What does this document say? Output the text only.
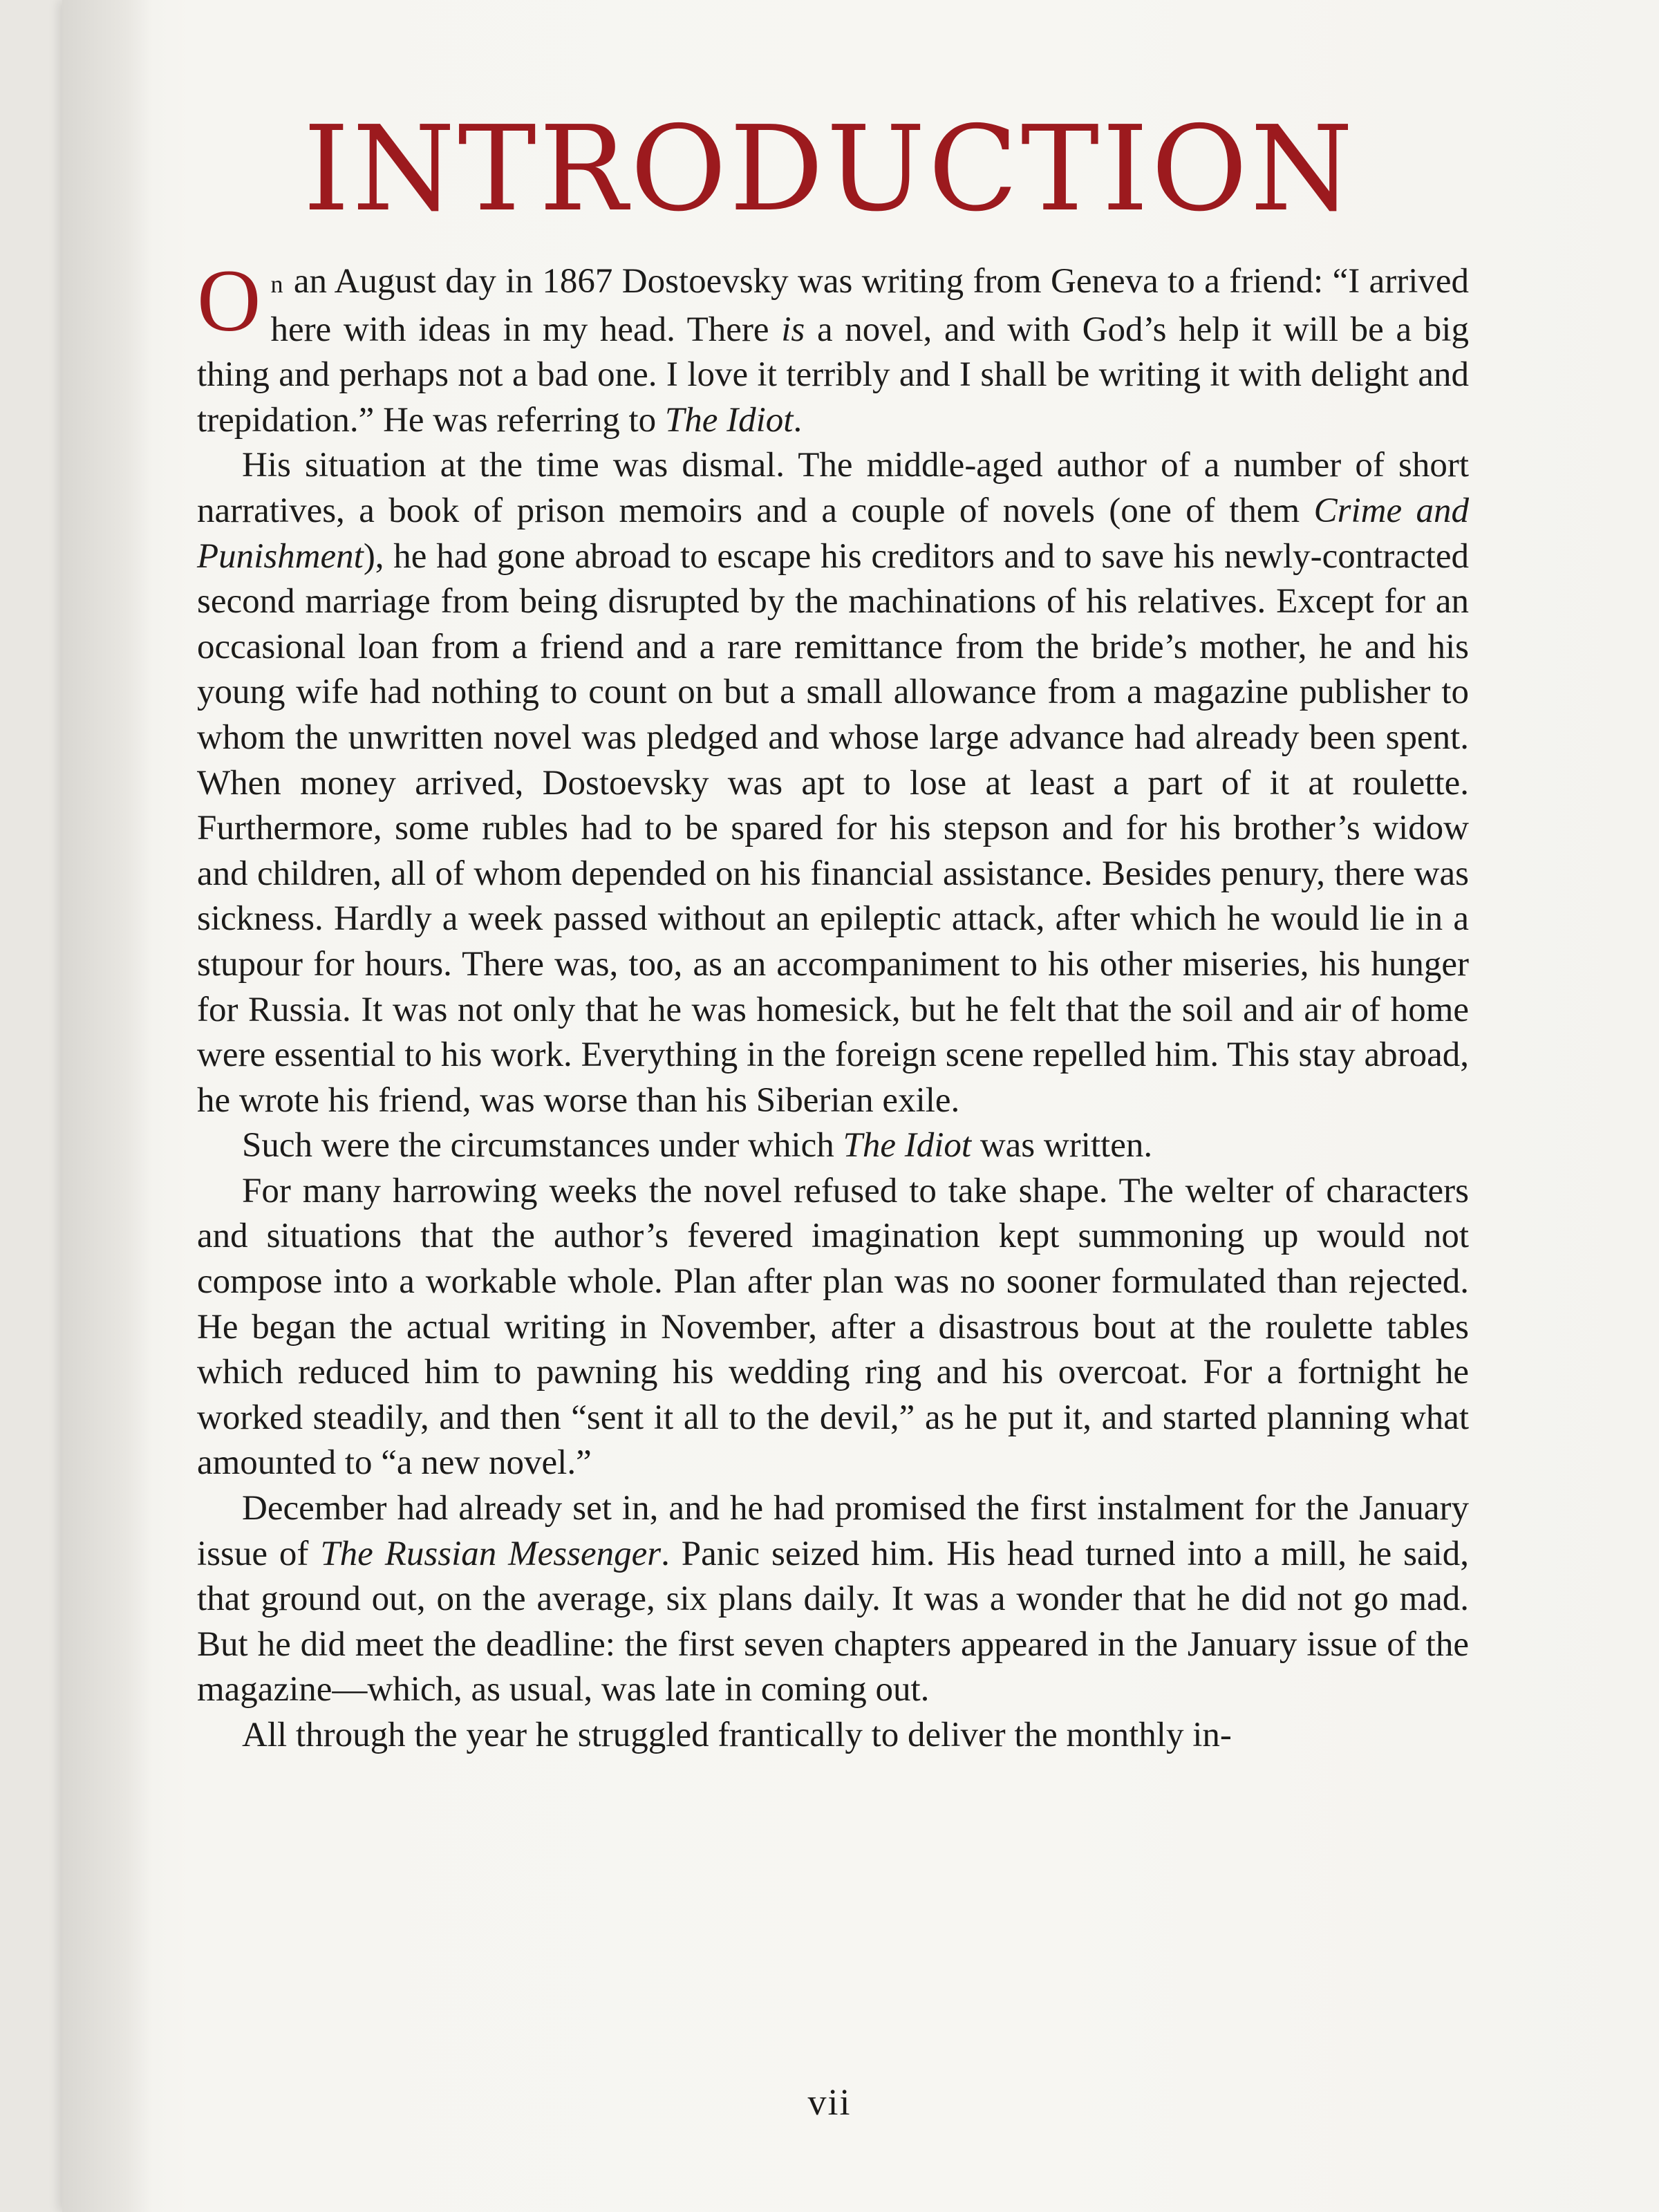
INTRODUCTION

On an August day in 1867 Dostoevsky was writing from Geneva to a friend: “I arrived here with ideas in my head. There is a novel, and with God’s help it will be a big thing and perhaps not a bad one. I love it terribly and I shall be writing it with delight and trepidation.” He was referring to The Idiot.

His situation at the time was dismal. The middle-aged author of a number of short narratives, a book of prison memoirs and a couple of novels (one of them Crime and Punishment), he had gone abroad to escape his creditors and to save his newly-contracted second marriage from being disrupted by the machinations of his relatives. Except for an occasional loan from a friend and a rare remittance from the bride’s mother, he and his young wife had nothing to count on but a small allowance from a magazine publisher to whom the unwritten novel was pledged and whose large advance had already been spent. When money arrived, Dostoevsky was apt to lose at least a part of it at roulette. Furthermore, some rubles had to be spared for his stepson and for his brother’s widow and children, all of whom depended on his financial assistance. Besides penury, there was sickness. Hardly a week passed without an epileptic attack, after which he would lie in a stupour for hours. There was, too, as an accompaniment to his other miseries, his hunger for Russia. It was not only that he was homesick, but he felt that the soil and air of home were essential to his work. Everything in the foreign scene repelled him. This stay abroad, he wrote his friend, was worse than his Siberian exile.

Such were the circumstances under which The Idiot was written.

For many harrowing weeks the novel refused to take shape. The welter of characters and situations that the author’s fevered imagination kept summoning up would not compose into a workable whole. Plan after plan was no sooner formulated than rejected. He began the actual writing in November, after a disastrous bout at the roulette tables which reduced him to pawning his wedding ring and his overcoat. For a fortnight he worked steadily, and then “sent it all to the devil,” as he put it, and started planning what amounted to “a new novel.”

December had already set in, and he had promised the first instalment for the January issue of The Russian Messenger. Panic seized him. His head turned into a mill, he said, that ground out, on the average, six plans daily. It was a wonder that he did not go mad. But he did meet the deadline: the first seven chapters appeared in the January issue of the magazine—which, as usual, was late in coming out.

All through the year he struggled frantically to deliver the monthly in-

vii
